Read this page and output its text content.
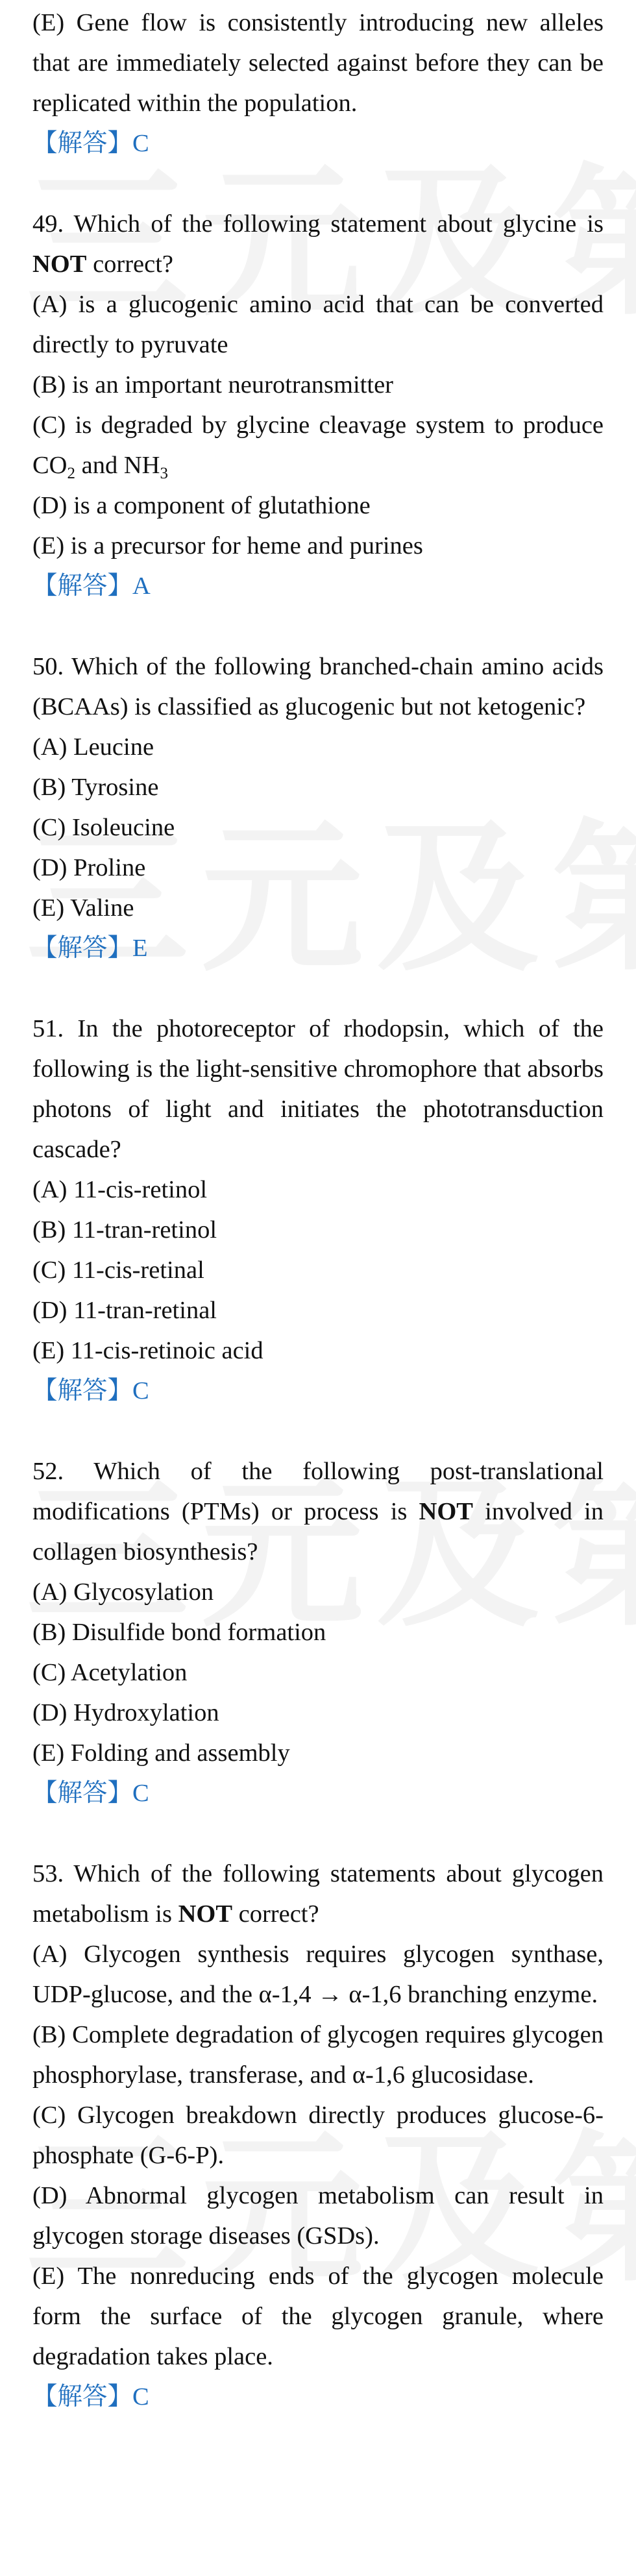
(E) Gene flow is consistently introducing new alleles that are immediately selected against before they can be replicated within the population.
【解答】C
49. Which of the following statement about glycine is NOT correct?
(A) is a glucogenic amino acid that can be converted directly to pyruvate
(B) is an important neurotransmitter
(C) is degraded by glycine cleavage system to produce $CO_2$ and $NH_3$
(D) is a component of glutathione
(E) is a precursor for heme and purines
【解答】A
50. Which of the following branched-chain amino acids (BCAAs) is classified as glucogenic but not ketogenic?
(A) Leucine
(B) Tyrosine
(C) Isoleucine
(D) Proline
(E) Valine
【解答】E
51. In the photoreceptor of rhodopsin, which of the following is the light-sensitive chromophore that absorbs photons of light and initiates the phototransduction cascade?
(A) 11-cis-retinol
(B) 11-tran-retinol
(C) 11-cis-retinal
(D) 11-tran-retinal
(E) 11-cis-retinoic acid
【解答】C
52. Which of the following post-translational modifications (PTMs) or process is NOT involved in collagen biosynthesis?
(A) Glycosylation
(B) Disulfide bond formation
(C) Acetylation
(D) Hydroxylation
(E) Folding and assembly
【解答】C
53. Which of the following statements about glycogen metabolism is NOT correct?
(A) Glycogen synthesis requires glycogen synthase, UDP-glucose, and the α-1,4 → α-1,6 branching enzyme.
(B) Complete degradation of glycogen requires glycogen phosphorylase, transferase, and α-1,6 glucosidase.
(C) Glycogen breakdown directly produces glucose-6-phosphate (G-6-P).
(D) Abnormal glycogen metabolism can result in glycogen storage diseases (GSDs).
(E) The nonreducing ends of the glycogen molecule form the surface of the glycogen granule, where degradation takes place.
【解答】C
